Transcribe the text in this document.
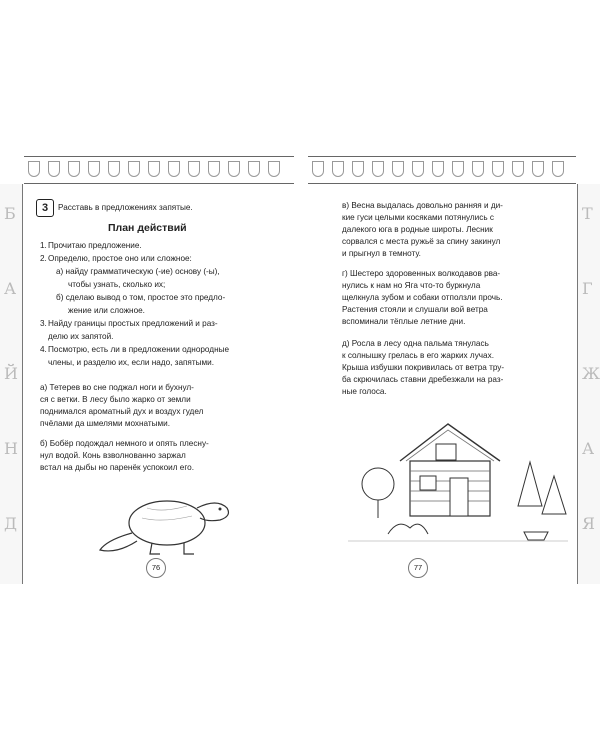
Б
А
Й
Н
Д
3	Расставь в предложениях запятые.
План действий
1. Прочитаю предложение.
2. Определю, простое оно или сложное:
а) найду грамматическую (-ие) основу (-ы),
чтобы узнать, сколько их;
б) сделаю вывод о том, простое это предло-
жение или сложное.
3. Найду границы простых предложений и раз-
делю их запятой.
4. Посмотрю, есть ли в предложении однородные
члены, и разделю их, если надо, запятыми.
а) Тетерев во сне поджал ноги и бухнул-
ся с ветки. В лесу было жарко от земли
поднимался ароматный дух и воздух гудел
пчёлами да шмелями мохнатыми.
б) Бобёр подождал немного и опять плесну-
нул водой. Конь взволнованно заржал
встал на дыбы но паренёк успокоил его.
76
Т
Г
Ж
А
Я
в) Весна выдалась довольно ранняя и ди-
кие гуси целыми косяками потянулись с
далекого юга в родные широты. Лесник
сорвался с места ружьё за спину закинул
и прыгнул в темноту.
г) Шестеро здоровенных волкодавов рва-
нулись к нам но Яга что-то буркнула
щелкнула зубом и собаки отползли прочь.
Растения стояли и слушали вой ветра
вспоминали тёплые летние дни.
д) Росла в лесу одна пальма тянулась
к солнышку грелась в его жарких лучах.
Крыша избушки покривилась от ветра тру-
ба скрючилась ставни дребезжали на раз-
ные голоса.
77
